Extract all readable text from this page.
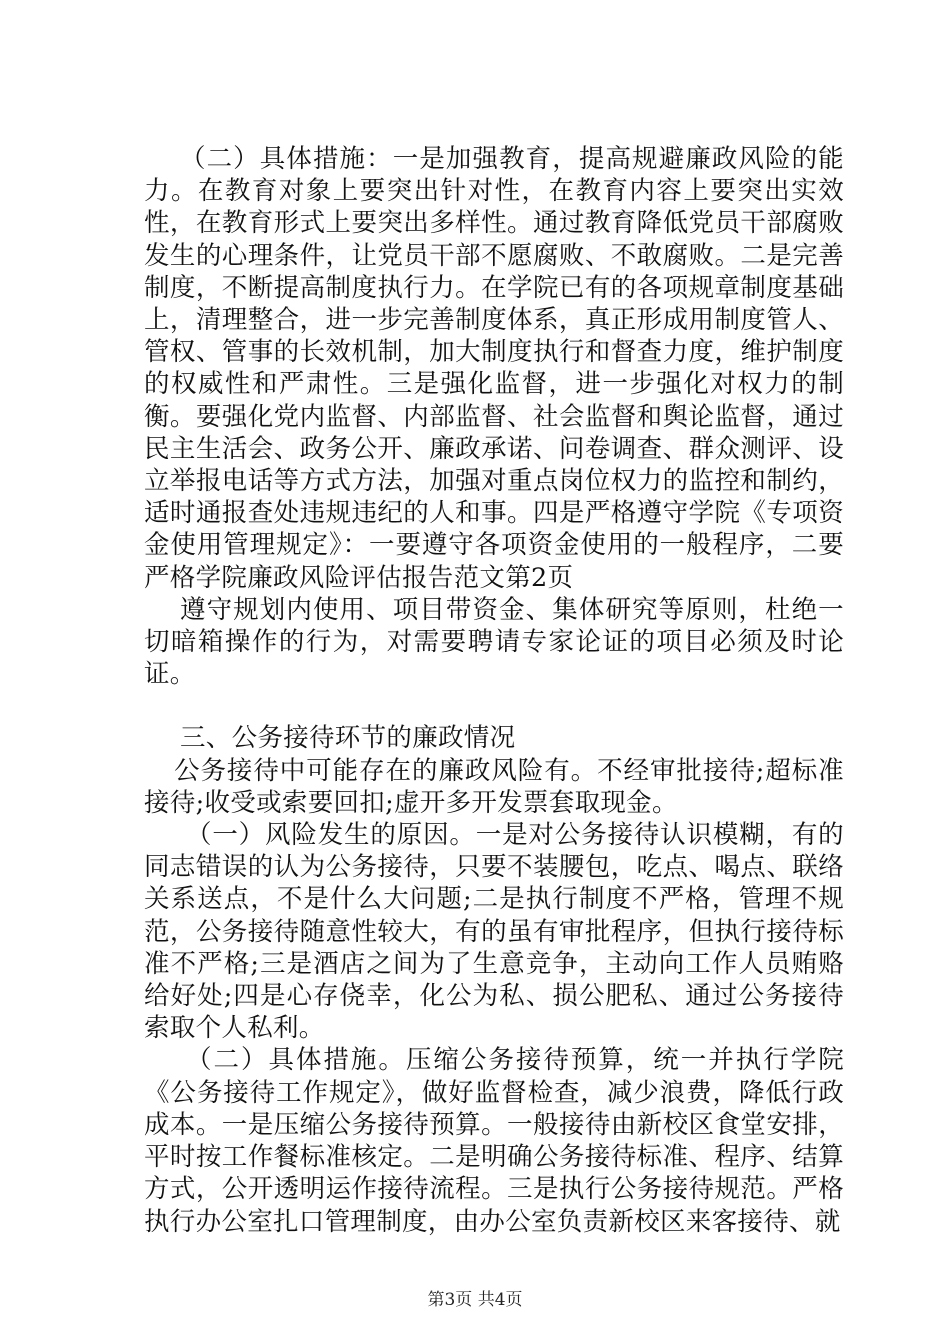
（二）具体措施：一是加强教育，提高规避廉政风险的能力。在教育对象上要突出针对性，在教育内容上要突出实效性，在教育形式上要突出多样性。通过教育降低党员干部腐败发生的心理条件，让党员干部不愿腐败、不敢腐败。二是完善制度，不断提高制度执行力。在学院已有的各项规章制度基础上，清理整合，进一步完善制度体系，真正形成用制度管人、管权、管事的长效机制，加大制度执行和督查力度，维护制度的权威性和严肃性。三是强化监督，进一步强化对权力的制衡。要强化党内监督、内部监督、社会监督和舆论监督，通过民主生活会、政务公开、廉政承诺、问卷调查、群众测评、设立举报电话等方式方法，加强对重点岗位权力的监控和制约，适时通报查处违规违纪的人和事。四是严格遵守学院《专项资金使用管理规定》：一要遵守各项资金使用的一般程序，二要严格学院廉政风险评估报告范文第2页

遵守规划内使用、项目带资金、集体研究等原则，杜绝一切暗箱操作的行为，对需要聘请专家论证的项目必须及时论证。

三、公务接待环节的廉政情况

公务接待中可能存在的廉政风险有。不经审批接待;超标准接待;收受或索要回扣;虚开多开发票套取现金。

（一）风险发生的原因。一是对公务接待认识模糊，有的同志错误的认为公务接待，只要不装腰包，吃点、喝点、联络关系送点，不是什么大问题;二是执行制度不严格，管理不规范，公务接待随意性较大，有的虽有审批程序，但执行接待标准不严格;三是酒店之间为了生意竞争，主动向工作人员贿赂给好处;四是心存侥幸，化公为私、损公肥私、通过公务接待索取个人私利。

（二）具体措施。压缩公务接待预算，统一并执行学院《公务接待工作规定》，做好监督检查，减少浪费，降低行政成本。一是压缩公务接待预算。一般接待由新校区食堂安排，平时按工作餐标准核定。二是明确公务接待标准、程序、结算方式，公开透明运作接待流程。三是执行公务接待规范。严格执行办公室扎口管理制度，由办公室负责新校区来客接待、就

第3页 共4页
